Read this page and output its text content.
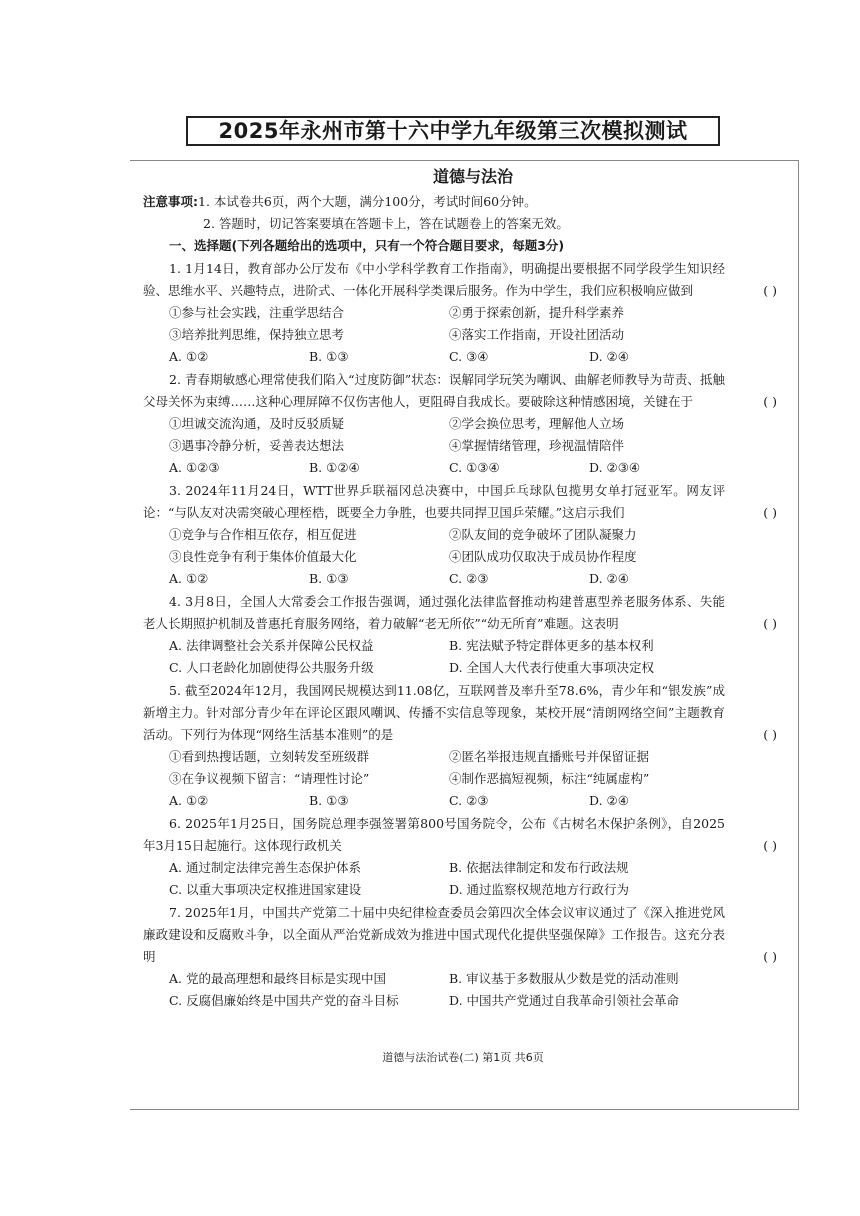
2025年永州市第十六中学九年级第三次模拟测试
道德与法治
注意事项:1. 本试卷共6页，两个大题，满分100分，考试时间60分钟。
2. 答题时，切记答案要填在答题卡上，答在试题卷上的答案无效。
一、选择题(下列各题给出的选项中，只有一个符合题目要求，每题3分)
1. 1月14日，教育部办公厅发布《中小学科学教育工作指南》，明确提出要根据不同学段学生知识经验、思维水平、兴趣特点，进阶式、一体化开展科学类课后服务。作为中学生，我们应积极响应做到	( )
①参与社会实践，注重学思结合	②勇于探索创新，提升科学素养
③培养批判思维，保持独立思考	④落实工作指南，开设社团活动
A. ①②	B. ①③	C. ③④	D. ②④
2. 青春期敏感心理常使我们陷入“过度防御”状态：误解同学玩笑为嘲讽、曲解老师教导为苛责、抵触父母关怀为束缚……这种心理屏障不仅伤害他人，更阻碍自我成长。要破除这种情感困境，关键在于	( )
①坦诚交流沟通，及时反驳质疑	②学会换位思考，理解他人立场
③遇事冷静分析，妥善表达想法	④掌握情绪管理，珍视温情陪伴
A. ①②③	B. ①②④	C. ①③④	D. ②③④
3. 2024年11月24日，WTT世界乒联福冈总决赛中，中国乒乓球队包揽男女单打冠亚军。网友评论：“与队友对决需突破心理桎梏，既要全力争胜，也要共同捍卫国乒荣耀。”这启示我们	( )
①竞争与合作相互依存，相互促进	②队友间的竞争破坏了团队凝聚力
③良性竞争有利于集体价值最大化	④团队成功仅取决于成员协作程度
A. ①②	B. ①③	C. ②③	D. ②④
4. 3月8日，全国人大常委会工作报告强调，通过强化法律监督推动构建普惠型养老服务体系、失能老人长期照护机制及普惠托育服务网络，着力破解“老无所依”“幼无所育”难题。这表明	( )
A. 法律调整社会关系并保障公民权益	B. 宪法赋予特定群体更多的基本权利
C. 人口老龄化加剧使得公共服务升级	D. 全国人大代表行使重大事项决定权
5. 截至2024年12月，我国网民规模达到11.08亿，互联网普及率升至78.6%，青少年和“银发族”成新增主力。针对部分青少年在评论区跟风嘲讽、传播不实信息等现象，某校开展“清朗网络空间”主题教育活动。下列行为体现“网络生活基本准则”的是	( )
①看到热搜话题，立刻转发至班级群	②匿名举报违规直播账号并保留证据
③在争议视频下留言：“请理性讨论”	④制作恶搞短视频，标注“纯属虚构”
A. ①②	B. ①③	C. ②③	D. ②④
6. 2025年1月25日，国务院总理李强签署第800号国务院令，公布《古树名木保护条例》，自2025年3月15日起施行。这体现行政机关	( )
A. 通过制定法律完善生态保护体系	B. 依据法律制定和发布行政法规
C. 以重大事项决定权推进国家建设	D. 通过监察权规范地方行政行为
7. 2025年1月，中国共产党第二十届中央纪律检查委员会第四次全体会议审议通过了《深入推进党风廉政建设和反腐败斗争，以全面从严治党新成效为推进中国式现代化提供坚强保障》工作报告。这充分表明	( )
A. 党的最高理想和最终目标是实现中国	B. 审议基于多数服从少数是党的活动准则
C. 反腐倡廉始终是中国共产党的奋斗目标	D. 中国共产党通过自我革命引领社会革命
道德与法治试卷(二) 第1页 共6页
